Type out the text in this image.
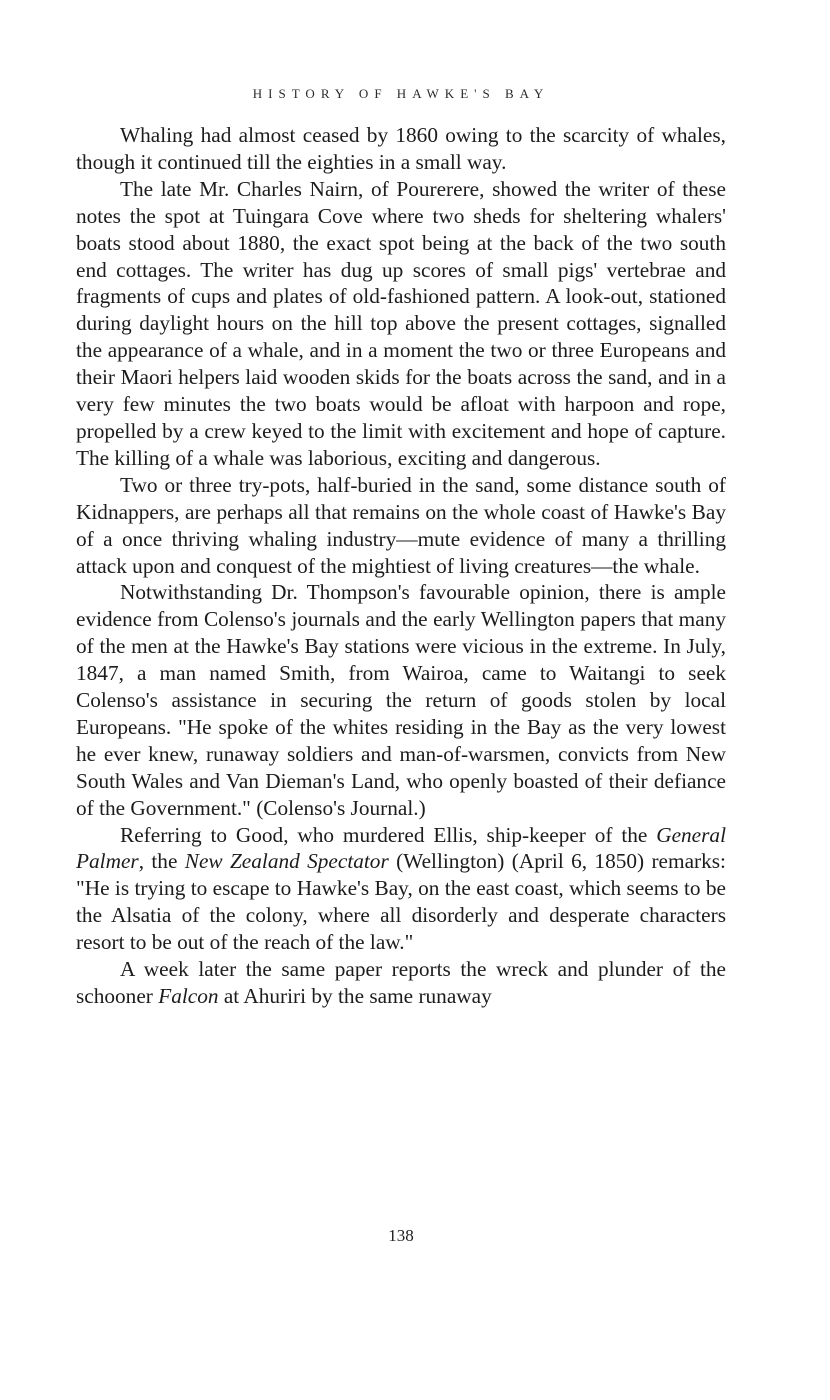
HISTORY OF HAWKE'S BAY

Whaling had almost ceased by 1860 owing to the scarcity of whales, though it continued till the eighties in a small way.

The late Mr. Charles Nairn, of Pourerere, showed the writer of these notes the spot at Tuingara Cove where two sheds for sheltering whalers' boats stood about 1880, the exact spot being at the back of the two south end cottages. The writer has dug up scores of small pigs' vertebrae and fragments of cups and plates of old-fashioned pattern. A look-out, stationed during daylight hours on the hill top above the present cottages, signalled the appearance of a whale, and in a moment the two or three Europeans and their Maori helpers laid wooden skids for the boats across the sand, and in a very few minutes the two boats would be afloat with harpoon and rope, propelled by a crew keyed to the limit with excitement and hope of capture. The killing of a whale was laborious, exciting and dangerous.

Two or three try-pots, half-buried in the sand, some distance south of Kidnappers, are perhaps all that remains on the whole coast of Hawke's Bay of a once thriving whaling industry—mute evidence of many a thrilling attack upon and conquest of the mightiest of living creatures—the whale.

Notwithstanding Dr. Thompson's favourable opinion, there is ample evidence from Colenso's journals and the early Wellington papers that many of the men at the Hawke's Bay stations were vicious in the extreme. In July, 1847, a man named Smith, from Wairoa, came to Waitangi to seek Colenso's assistance in securing the return of goods stolen by local Europeans. "He spoke of the whites residing in the Bay as the very lowest he ever knew, runaway soldiers and man-of-warsmen, convicts from New South Wales and Van Dieman's Land, who openly boasted of their defiance of the Government." (Colenso's Journal.)

Referring to Good, who murdered Ellis, ship-keeper of the General Palmer, the New Zealand Spectator (Wellington) (April 6, 1850) remarks: "He is trying to escape to Hawke's Bay, on the east coast, which seems to be the Alsatia of the colony, where all disorderly and desperate characters resort to be out of the reach of the law."

A week later the same paper reports the wreck and plunder of the schooner Falcon at Ahuriri by the same runaway

138
